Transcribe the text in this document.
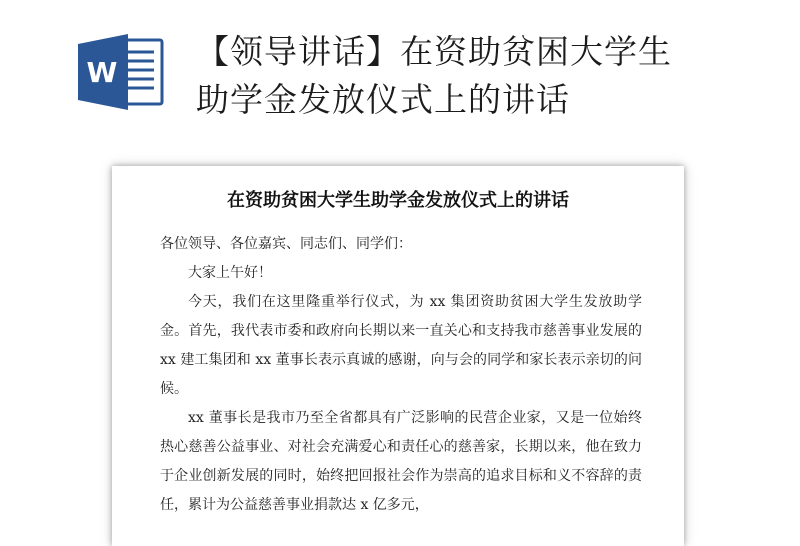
W
【领导讲话】在资助贫困大学生
助学金发放仪式上的讲话
在资助贫困大学生助学金发放仪式上的讲话

各位领导、各位嘉宾、同志们、同学们：

大家上午好！

今天，我们在这里隆重举行仪式，为 xx 集团资助贫困大学生发放助学金。首先，我代表市委和政府向长期以来一直关心和支持我市慈善事业发展的 xx 建工集团和 xx 董事长表示真诚的感谢，向与会的同学和家长表示亲切的问候。

xx 董事长是我市乃至全省都具有广泛影响的民营企业家，又是一位始终热心慈善公益事业、对社会充满爱心和责任心的慈善家，长期以来，他在致力于企业创新发展的同时，始终把回报社会作为崇高的追求目标和义不容辞的责任，累计为公益慈善事业捐款达 x 亿多元，
